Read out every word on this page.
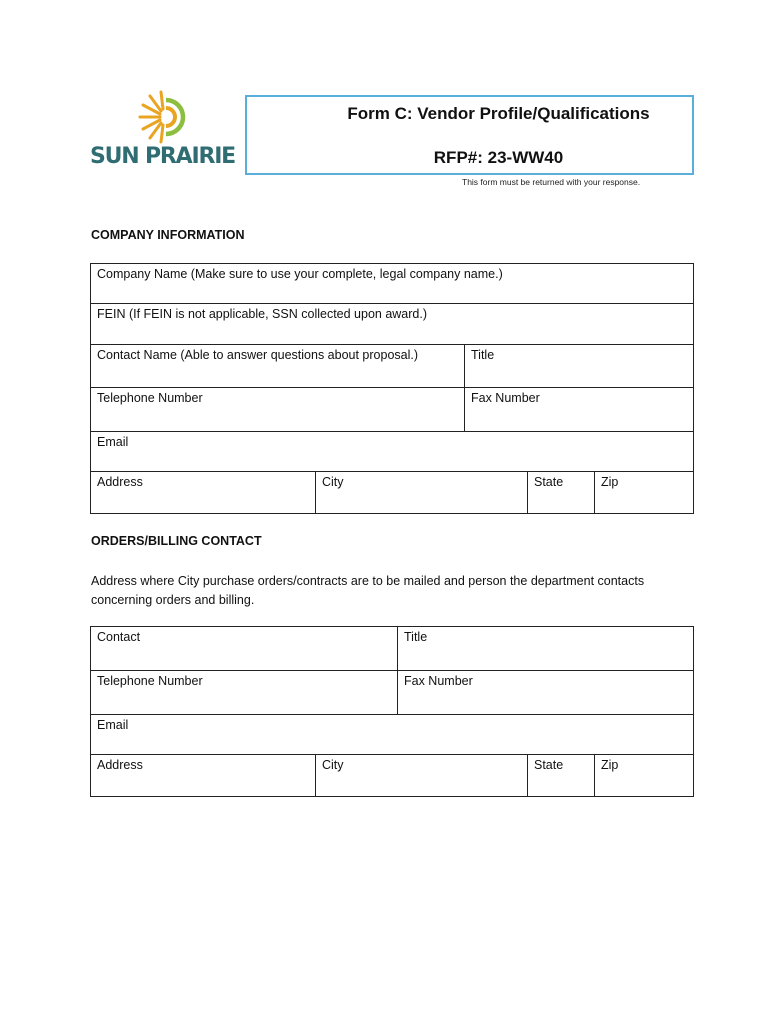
SUN PRAIRIE
Form C: Vendor Profile/Qualifications
RFP#: 23-WW40
This form must be returned with your response.
COMPANY INFORMATION
Company Name (Make sure to use your complete, legal company name.)
FEIN (If FEIN is not applicable, SSN collected upon award.)
Contact Name (Able to answer questions about proposal.)	Title
Telephone Number	Fax Number
Email
Address	City	State	Zip
ORDERS/BILLING CONTACT
Address where City purchase orders/contracts are to be mailed and person the department contacts concerning orders and billing.
Contact	Title
Telephone Number	Fax Number
Email
Address	City	State	Zip
